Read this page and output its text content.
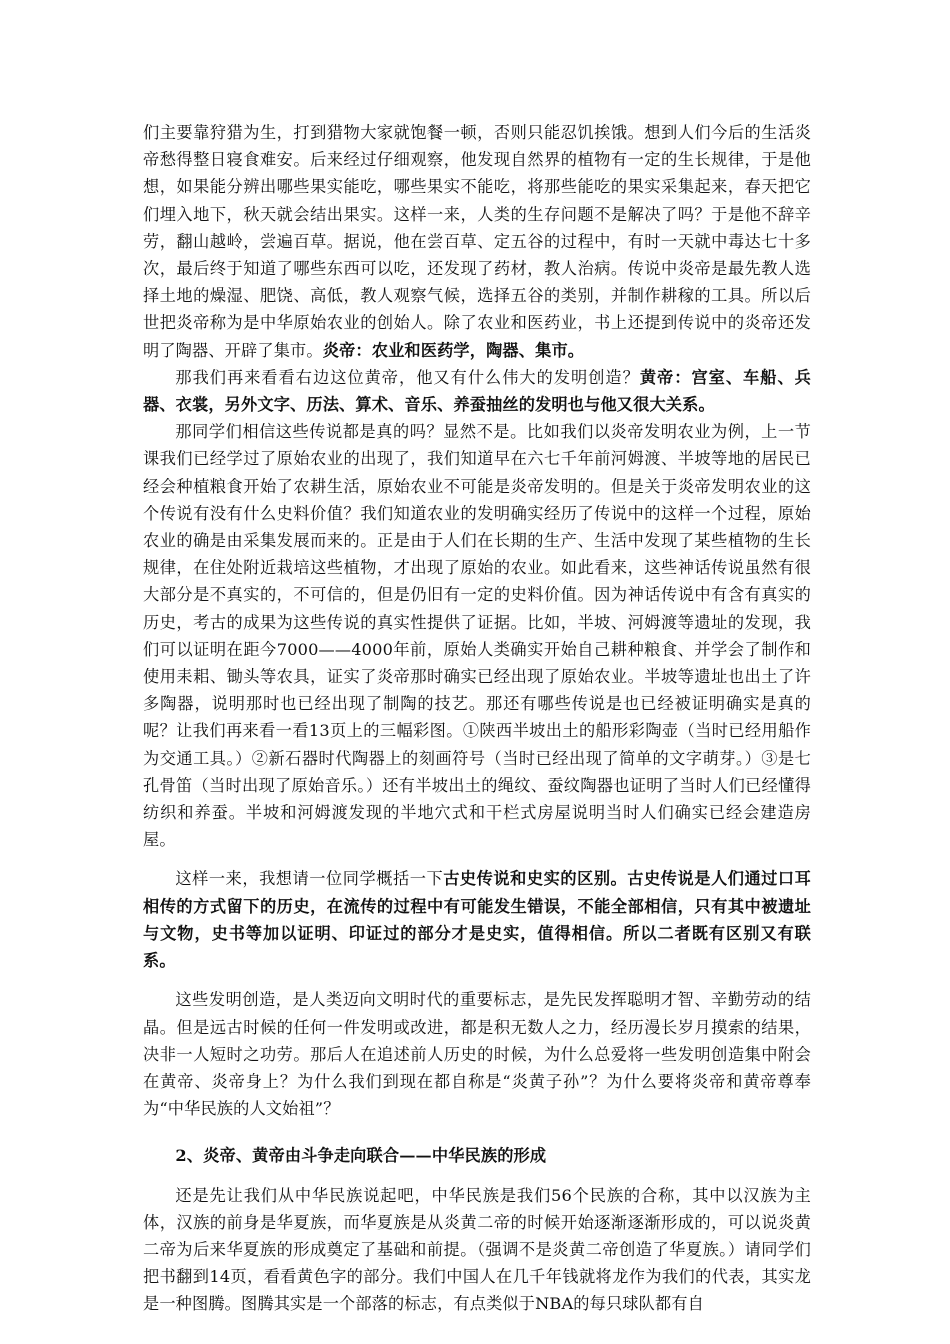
们主要靠狩猎为生，打到猎物大家就饱餐一顿，否则只能忍饥挨饿。想到人们今后的生活炎帝愁得整日寝食难安。后来经过仔细观察，他发现自然界的植物有一定的生长规律，于是他想，如果能分辨出哪些果实能吃，哪些果实不能吃，将那些能吃的果实采集起来，春天把它们埋入地下，秋天就会结出果实。这样一来，人类的生存问题不是解决了吗？于是他不辞辛劳，翻山越岭，尝遍百草。据说，他在尝百草、定五谷的过程中，有时一天就中毒达七十多次，最后终于知道了哪些东西可以吃，还发现了药材，教人治病。传说中炎帝是最先教人选择土地的燥湿、肥饶、高低，教人观察气候，选择五谷的类别，并制作耕稼的工具。所以后世把炎帝称为是中华原始农业的创始人。除了农业和医药业，书上还提到传说中的炎帝还发明了陶器、开辟了集市。炎帝：农业和医药学，陶器、集市。

那我们再来看看右边这位黄帝，他又有什么伟大的发明创造？黄帝：宫室、车船、兵器、衣裳，另外文字、历法、算术、音乐、养蚕抽丝的发明也与他又很大关系。

那同学们相信这些传说都是真的吗？显然不是。比如我们以炎帝发明农业为例，上一节课我们已经学过了原始农业的出现了，我们知道早在六七千年前河姆渡、半坡等地的居民已经会种植粮食开始了农耕生活，原始农业不可能是炎帝发明的。但是关于炎帝发明农业的这个传说有没有什么史料价值？我们知道农业的发明确实经历了传说中的这样一个过程，原始农业的确是由采集发展而来的。正是由于人们在长期的生产、生活中发现了某些植物的生长规律，在住处附近栽培这些植物，才出现了原始的农业。如此看来，这些神话传说虽然有很大部分是不真实的，不可信的，但是仍旧有一定的史料价值。因为神话传说中有含有真实的历史，考古的成果为这些传说的真实性提供了证据。比如，半坡、河姆渡等遗址的发现，我们可以证明在距今7000——4000年前，原始人类确实开始自己耕种粮食、并学会了制作和使用耒耜、锄头等农具，证实了炎帝那时确实已经出现了原始农业。半坡等遗址也出土了许多陶器，说明那时也已经出现了制陶的技艺。那还有哪些传说是也已经被证明确实是真的呢？让我们再来看一看13页上的三幅彩图。①陕西半坡出土的船形彩陶壶（当时已经用船作为交通工具。）②新石器时代陶器上的刻画符号（当时已经出现了简单的文字萌芽。）③是七孔骨笛（当时出现了原始音乐。）还有半坡出土的绳纹、蚕纹陶器也证明了当时人们已经懂得纺织和养蚕。半坡和河姆渡发现的半地穴式和干栏式房屋说明当时人们确实已经会建造房屋。

这样一来，我想请一位同学概括一下古史传说和史实的区别。古史传说是人们通过口耳相传的方式留下的历史，在流传的过程中有可能发生错误，不能全部相信，只有其中被遗址与文物，史书等加以证明、印证过的部分才是史实，值得相信。所以二者既有区别又有联系。

这些发明创造，是人类迈向文明时代的重要标志，是先民发挥聪明才智、辛勤劳动的结晶。但是远古时候的任何一件发明或改进，都是积无数人之力，经历漫长岁月摸索的结果，决非一人短时之功劳。那后人在追述前人历史的时候，为什么总爱将一些发明创造集中附会在黄帝、炎帝身上？为什么我们到现在都自称是“炎黄子孙”？为什么要将炎帝和黄帝尊奉为“中华民族的人文始祖”？

2、炎帝、黄帝由斗争走向联合——中华民族的形成

还是先让我们从中华民族说起吧，中华民族是我们56个民族的合称，其中以汉族为主体，汉族的前身是华夏族，而华夏族是从炎黄二帝的时候开始逐渐逐渐形成的，可以说炎黄二帝为后来华夏族的形成奠定了基础和前提。（强调不是炎黄二帝创造了华夏族。）请同学们把书翻到14页，看看黄色字的部分。我们中国人在几千年钱就将龙作为我们的代表，其实龙是一种图腾。图腾其实是一个部落的标志，有点类似于NBA的每只球队都有自
